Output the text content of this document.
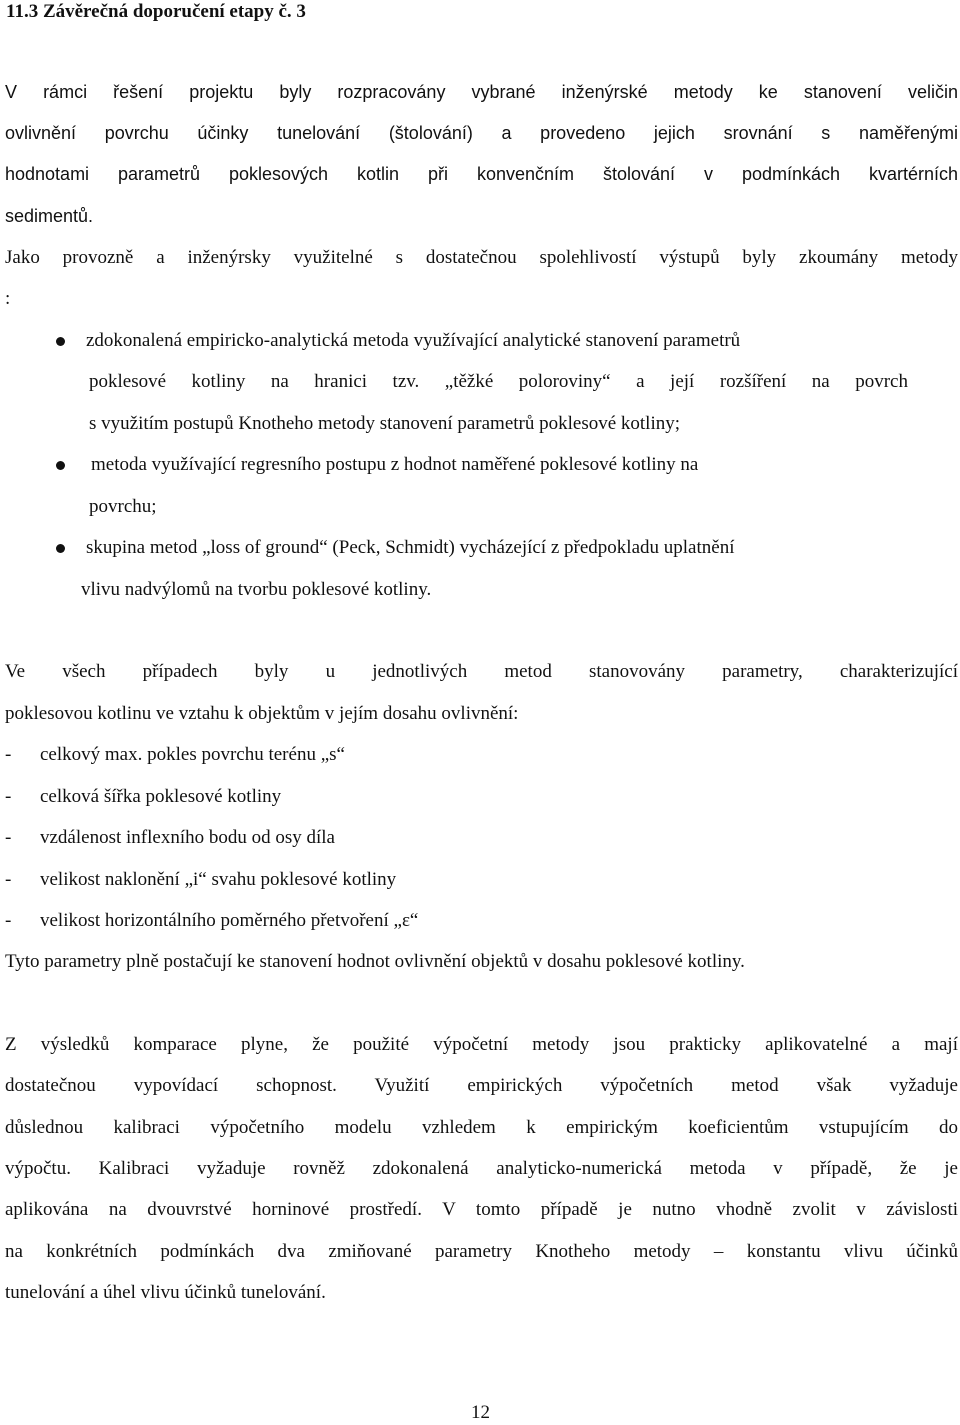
11.3 Závěrečná doporučení etapy č. 3
V rámci řešení projektu byly rozpracovány vybrané inženýrské metody ke stanovení veličin
ovlivnění povrchu účinky tunelování (štolování) a provedeno jejich srovnání s naměřenými
hodnotami parametrů poklesových kotlin při konvenčním štolování v podmínkách kvartérních
sedimentů.
Jako provozně a inženýrsky využitelné s dostatečnou spolehlivostí výstupů byly zkoumány metody
:
zdokonalená empiricko-analytická metoda využívající analytické stanovení parametrů
poklesové kotliny na hranici tzv. „těžké poloroviny“ a její rozšíření na povrch
s využitím postupů Knotheho metody stanovení parametrů poklesové kotliny;
metoda využívající regresního postupu z hodnot naměřené poklesové kotliny na
povrchu;
skupina metod „loss of ground“ (Peck, Schmidt) vycházející z předpokladu uplatnění
vlivu nadvýlomů na tvorbu poklesové kotliny.
Ve všech případech byly u jednotlivých metod stanovovány parametry, charakterizující
poklesovou kotlinu ve vztahu k objektům v jejím dosahu ovlivnění:
- celkový max. pokles povrchu terénu „s“
- celková šířka poklesové kotliny
- vzdálenost inflexního bodu od osy díla
- velikost naklonění „i“ svahu poklesové kotliny
- velikost horizontálního poměrného přetvoření „ε“
Tyto parametry plně postačují ke stanovení hodnot ovlivnění objektů v dosahu poklesové kotliny.
Z výsledků komparace plyne, že použité výpočetní metody jsou prakticky aplikovatelné a mají
dostatečnou vypovídací schopnost. Využití empirických výpočetních metod však vyžaduje
důslednou kalibraci výpočetního modelu vzhledem k empirickým koeficientům vstupujícím do
výpočtu. Kalibraci vyžaduje rovněž zdokonalená analyticko-numerická metoda v případě, že je
aplikována na dvouvrstvé horninové prostředí. V tomto případě je nutno vhodně zvolit v závislosti
na konkrétních podmínkách dva zmiňované parametry Knotheho metody – konstantu vlivu účinků
tunelování a úhel vlivu účinků tunelování.
12
